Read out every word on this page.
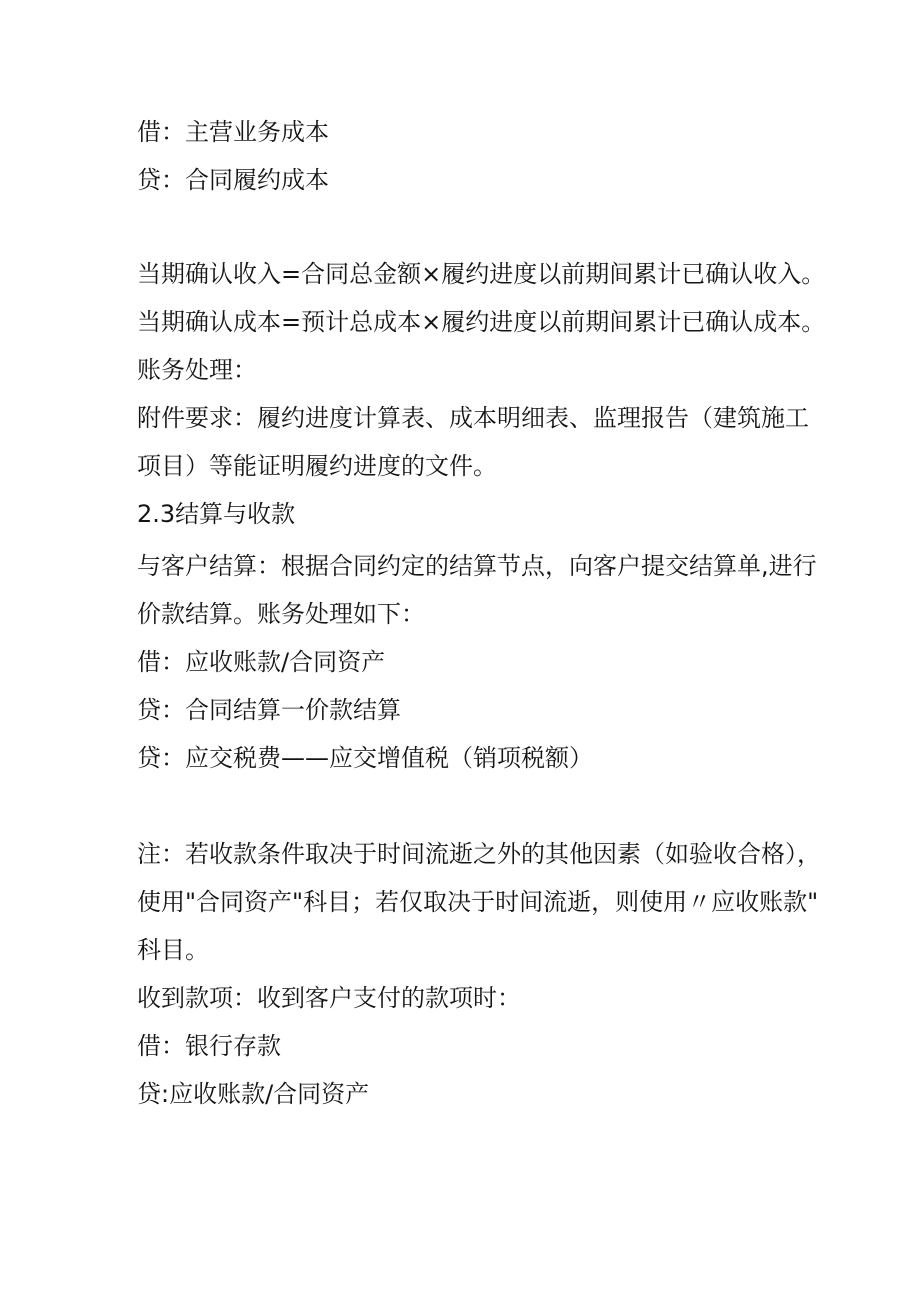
借：主营业务成本
贷：合同履约成本
当期确认收入=合同总金额×履约进度以前期间累计已确认收入。
当期确认成本=预计总成本×履约进度以前期间累计已确认成本。
账务处理：
附件要求：履约进度计算表、成本明细表、监理报告（建筑施工
项目）等能证明履约进度的文件。
2.3结算与收款
与客户结算：根据合同约定的结算节点，向客户提交结算单,进行
价款结算。账务处理如下：
借：应收账款/合同资产
贷：合同结算一价款结算
贷：应交税费——应交增值税（销项税额）
注：若收款条件取决于时间流逝之外的其他因素（如验收合格），
使用"合同资产"科目；若仅取决于时间流逝，则使用〃应收账款"
科目。
收到款项：收到客户支付的款项时：
借：银行存款
贷:应收账款/合同资产
